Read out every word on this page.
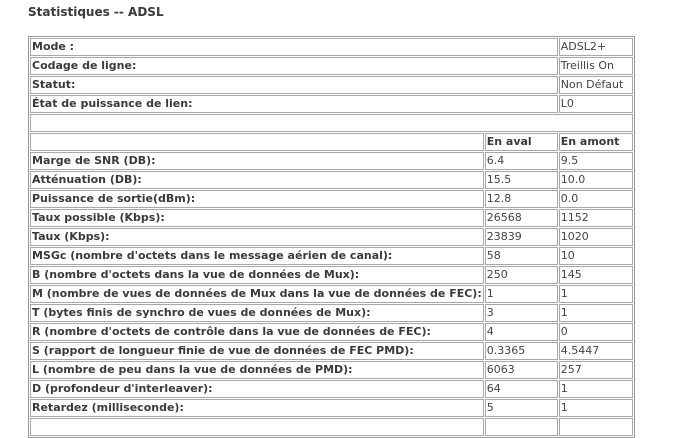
Statistiques -- ADSL
Mode :		ADSL2+
Codage de ligne:		Treillis On
Statut:		Non Défaut
État de puissance de lien:		L0

	En aval	En amont
Marge de SNR (DB):	6.4	9.5
Atténuation (DB):	15.5	10.0
Puissance de sortie(dBm):	12.8	0.0
Taux possible (Kbps):	26568	1152
Taux (Kbps):	23839	1020
MSGc (nombre d'octets dans le message aérien de canal):	58	10
B (nombre d'octets dans la vue de données de Mux):	250	145
M (nombre de vues de données de Mux dans la vue de données de FEC):	1	1
T (bytes finis de synchro de vues de données de Mux):	3	1
R (nombre d'octets de contrôle dans la vue de données de FEC):	4	0
S (rapport de longueur finie de vue de données de FEC PMD):	0.3365	4.5447
L (nombre de peu dans la vue de données de PMD):	6063	257
D (profondeur d'interleaver):	64	1
Retardez (milliseconde):	5	1
